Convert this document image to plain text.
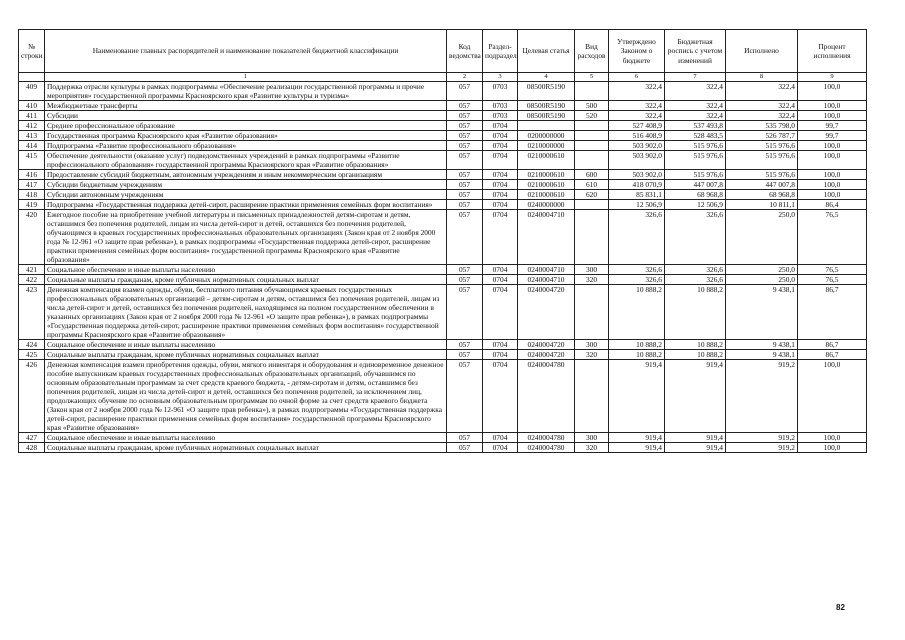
№ строки	Наименование главных распорядителей и наименование показателей бюджетной классификации	Код ведомства	Раздел-подраздел	Целевая статья	Вид расходов	Утверждено Законом о бюджете	Бюджетная роспись с учетом изменений	Исполнено	Процент исполнения
	1	2	3	4	5	6	7	8	9
409	Поддержка отрасли культуры в рамках подпрограммы «Обеспечение реализации государственной программы и прочие мероприятия» государственной программы Красноярского края «Развитие культуры и туризма»	057	0703	08500R5190		322,4	322,4	322,4	100,0
410	Межбюджетные трансферты	057	0703	08500R5190	500	322,4	322,4	322,4	100,0
411	Субсидии	057	0703	08500R5190	520	322,4	322,4	322,4	100,0
412	Среднее профессиональное образование	057	0704			527 408,9	537 493,8	535 798,0	99,7
413	Государственная программа Красноярского края «Развитие образования»	057	0704	0200000000		516 408,9	528 483,5	526 787,7	99,7
414	Подпрограмма «Развитие профессионального образования»	057	0704	0210000000		503 902,0	515 976,6	515 976,6	100,0
415	Обеспечение деятельности (оказание услуг) подведомственных учреждений в рамках подпрограммы «Развитие профессионального образования» государственной программы Красноярского края «Развитие образования»	057	0704	0210000610		503 902,0	515 976,6	515 976,6	100,0
416	Предоставление субсидий бюджетным, автономным учреждениям и иным некоммерческим организациям	057	0704	0210000610	600	503 902,0	515 976,6	515 976,6	100,0
417	Субсидии бюджетным учреждениям	057	0704	0210000610	610	418 070,9	447 007,8	447 007,8	100,0
418	Субсидии автономным учреждениям	057	0704	0210000610	620	85 831,1	68 968,8	68 968,8	100,0
419	Подпрограмма «Государственная поддержка детей-сирот, расширение практики применения семейных форм воспитания»	057	0704	0240000000		12 506,9	12 506,9	10 811,1	86,4
420	Ежегодное пособие на приобретение учебной литературы и письменных принадлежностей детям-сиротам и детям, оставшимся без попечения родителей, лицам из числа детей-сирот и детей, оставшихся без попечения родителей, обучающимся в краевых государственных профессиональных образовательных организациях (Закон края от 2 ноября 2000 года № 12-961 «О защите прав ребенка»), в рамках подпрограммы «Государственная поддержка детей-сирот, расширение практики применения семейных форм воспитания» государственной программы Красноярского края «Развитие образования»	057	0704	0240004710		326,6	326,6	250,0	76,5
421	Социальное обеспечение и иные выплаты населению	057	0704	0240004710	300	326,6	326,6	250,0	76,5
422	Социальные выплаты гражданам, кроме публичных нормативных социальных выплат	057	0704	0240004710	320	326,6	326,6	250,0	76,5
423	Денежная компенсация взамен одежды, обуви, бесплатного питания обучающимся краевых государственных профессиональных образовательных организаций – детям-сиротам и детям, оставшимся без попечения родителей, лицам из числа детей-сирот и детей, оставшихся без попечения родителей, находящимся на полном государственном обеспечении в указанных организациях (Закон края от 2 ноября 2000 года № 12-961 «О защите прав ребенка»), в рамках подпрограммы «Государственная поддержка детей-сирот, расширение практики применения семейных форм воспитания» государственной программы Красноярского края «Развитие образования»	057	0704	0240004720		10 888,2	10 888,2	9 438,1	86,7
424	Социальное обеспечение и иные выплаты населению	057	0704	0240004720	300	10 888,2	10 888,2	9 438,1	86,7
425	Социальные выплаты гражданам, кроме публичных нормативных социальных выплат	057	0704	0240004720	320	10 888,2	10 888,2	9 438,1	86,7
426	Денежная компенсация взамен приобретения одежды, обуви, мягкого инвентаря и оборудования и единовременное денежное пособие выпускникам краевых государственных профессиональных образовательных организаций, обучавшимся по основным образовательным программам за счет средств краевого бюджета, - детям-сиротам и детям, оставшимся без попечения родителей, лицам из числа детей-сирот и детей, оставшихся без попечения родителей, за исключением лиц, продолжающих обучение по основным образовательным программам по очной форме за счет средств краевого бюджета (Закон края от 2 ноября 2000 года № 12-961 «О защите прав ребенка»), в рамках подпрограммы «Государственная поддержка детей-сирот, расширение практики применения семейных форм воспитания» государственной программы Красноярского края «Развитие образования»	057	0704	0240004780		919,4	919,4	919,2	100,0
427	Социальное обеспечение и иные выплаты населению	057	0704	0240004780	300	919,4	919,4	919,2	100,0
428	Социальные выплаты гражданам, кроме публичных нормативных социальных выплат	057	0704	0240004780	320	919,4	919,4	919,2	100,0
82
